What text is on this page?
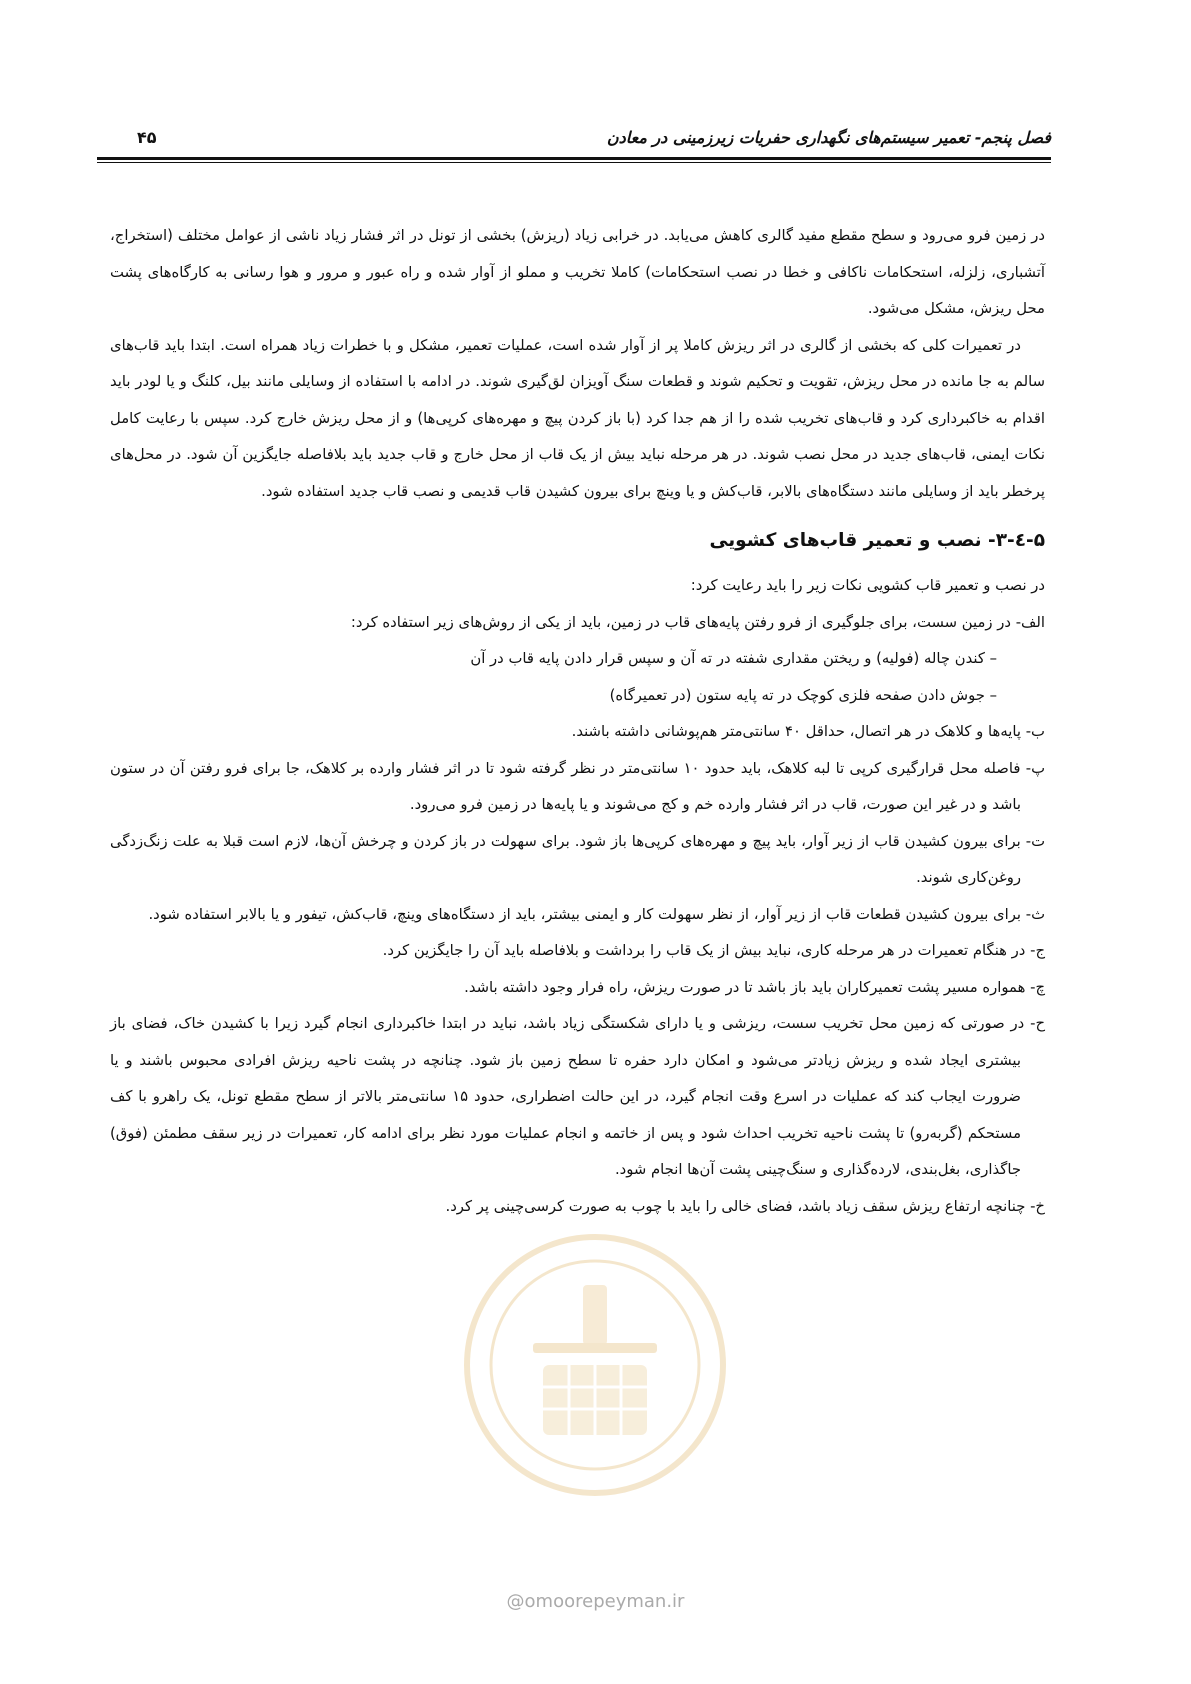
فصل پنجم- تعمیر سیستم‌های نگهداری حفریات زیرزمینی در معادن
۴۵

در زمین فرو می‌رود و سطح مقطع مفید گالری کاهش می‌یابد. در خرابی زیاد (ریزش) بخشی از تونل در اثر فشار زیاد ناشی از عوامل مختلف (استخراج، آتشباری، زلزله، استحکامات ناکافی و خطا در نصب استحکامات) کاملا تخریب و مملو از آوار شده و راه عبور و مرور و هوا رسانی به کارگاه‌های پشت محل ریزش، مشکل می‌شود.

در تعمیرات کلی که بخشی از گالری در اثر ریزش کاملا پر از آوار شده است، عملیات تعمیر، مشکل و با خطرات زیاد همراه است. ابتدا باید قاب‌های سالم به جا مانده در محل ریزش، تقویت و تحکیم شوند و قطعات سنگ آویزان لق‌گیری شوند. در ادامه با استفاده از وسایلی مانند بیل، کلنگ و یا لودر باید اقدام به خاکبرداری کرد و قاب‌های تخریب شده را از هم جدا کرد (با باز کردن پیچ و مهره‌های کرپی‌ها) و از محل ریزش خارج کرد. سپس با رعایت کامل نکات ایمنی، قاب‌های جدید در محل نصب شوند. در هر مرحله نباید بیش از یک قاب از محل خارج و قاب جدید باید بلافاصله جایگزین آن شود. در محل‌های پرخطر باید از وسایلی مانند دستگاه‌های بالابر، قاب‌کش و یا وینچ برای بیرون کشیدن قاب قدیمی و نصب قاب جدید استفاده شود.

۵-٤-۳- نصب و تعمیر قاب‌های کشویی

در نصب و تعمیر قاب کشویی نکات زیر را باید رعایت کرد:

الف- در زمین سست، برای جلوگیری از فرو رفتن پایه‌های قاب در زمین، باید از یکی از روش‌های زیر استفاده کرد:

– کندن چاله (فولیه) و ریختن مقداری شفته در ته آن و سپس قرار دادن پایه قاب در آن

– جوش دادن صفحه فلزی کوچک در ته پایه ستون (در تعمیرگاه)

ب- پایه‌ها و کلاهک در هر اتصال، حداقل ۴۰ سانتی‌متر هم‌پوشانی داشته باشند.

پ- فاصله محل قرارگیری کرپی تا لبه کلاهک، باید حدود ۱۰ سانتی‌متر در نظر گرفته شود تا در اثر فشار وارده بر کلاهک، جا برای فرو رفتن آن در ستون باشد و در غیر این صورت، قاب در اثر فشار وارده خم و کج می‌شوند و یا پایه‌ها در زمین فرو می‌رود.

ت- برای بیرون کشیدن قاب از زیر آوار، باید پیچ و مهره‌های کرپی‌ها باز شود. برای سهولت در باز کردن و چرخش آن‌ها، لازم است قبلا به علت زنگ‌زدگی روغن‌کاری شوند.

ث- برای بیرون کشیدن قطعات قاب از زیر آوار، از نظر سهولت کار و ایمنی بیشتر، باید از دستگاه‌های وینچ، قاب‌کش، تیفور و یا بالابر استفاده شود.

ج- در هنگام تعمیرات در هر مرحله کاری، نباید بیش از یک قاب را برداشت و بلافاصله باید آن را جایگزین کرد.

چ- همواره مسیر پشت تعمیرکاران باید باز باشد تا در صورت ریزش، راه فرار وجود داشته باشد.

ح- در صورتی که زمین محل تخریب سست، ریزشی و یا دارای شکستگی زیاد باشد، نباید در ابتدا خاکبرداری انجام گیرد زیرا با کشیدن خاک، فضای باز بیشتری ایجاد شده و ریزش زیادتر می‌شود و امکان دارد حفره تا سطح زمین باز شود. چنانچه در پشت ناحیه ریزش افرادی محبوس باشند و یا ضرورت ایجاب کند که عملیات در اسرع وقت انجام گیرد، در این حالت اضطراری، حدود ۱۵ سانتی‌متر بالاتر از سطح مقطع تونل، یک راهرو با کف مستحکم (گربه‌رو) تا پشت ناحیه تخریب احداث شود و پس از خاتمه و انجام عملیات مورد نظر برای ادامه کار، تعمیرات در زیر سقف مطمئن (فوق) جاگذاری، بغل‌بندی، لارده‌گذاری و سنگ‌چینی پشت آن‌ها انجام شود.

خ- چنانچه ارتفاع ریزش سقف زیاد باشد، فضای خالی را باید با چوب به صورت کرسی‌چینی پر کرد.

@omoorepeyman.ir
